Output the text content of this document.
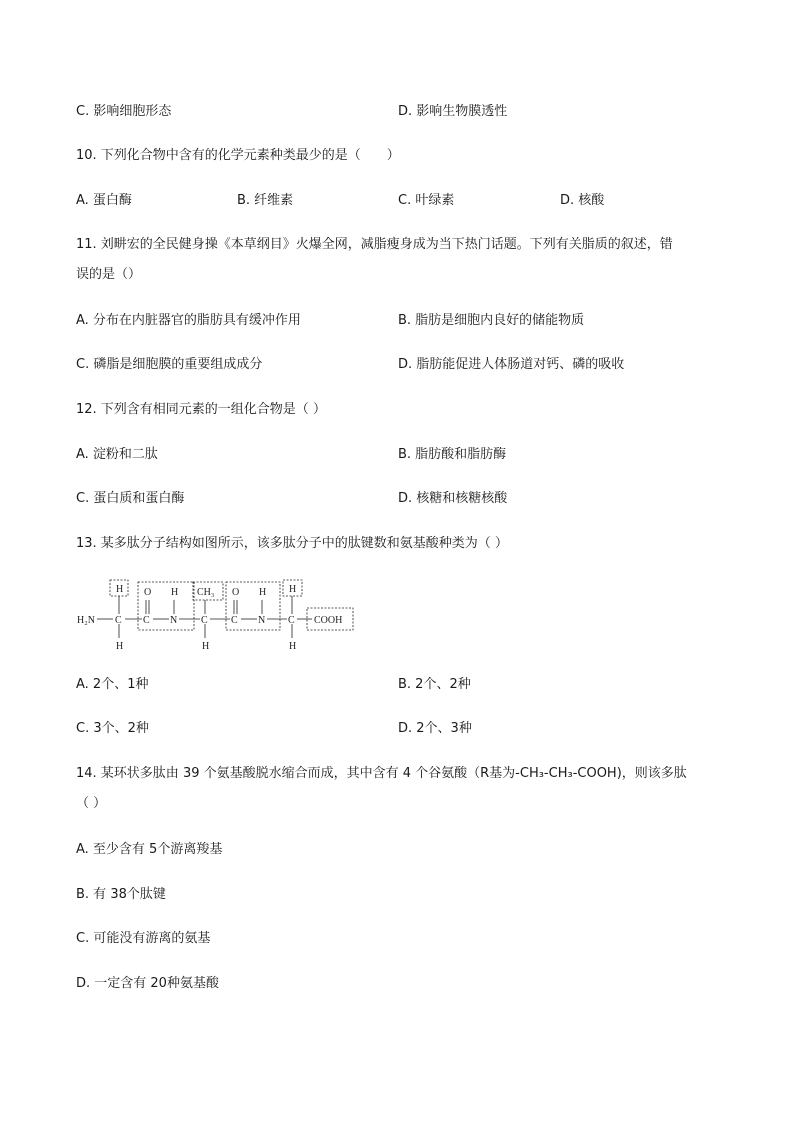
C. 影响细胞形态	D. 影响生物膜透性
10. 下列化合物中含有的化学元素种类最少的是（　　）
A. 蛋白酶	B. 纤维素	C. 叶绿素	D. 核酸
11. 刘畊宏的全民健身操《本草纲目》火爆全网，减脂瘦身成为当下热门话题。下列有关脂质的叙述，错
误的是（）
A. 分布在内脏器官的脂肪具有缓冲作用	B. 脂肪是细胞内良好的储能物质
C. 磷脂是细胞膜的重要组成成分	D. 脂肪能促进人体肠道对钙、磷的吸收
12. 下列含有相同元素的一组化合物是（ ）
A. 淀粉和二肽	B. 脂肪酸和脂肪酶
C. 蛋白质和蛋白酶	D. 核糖和核糖核酸
13. 某多肽分子结构如图所示，该多肽分子中的肽键数和氨基酸种类为（ ）
H O H CH₃ O H H
H₂N C C N C C N C COOH
H	H	H
A. 2个、1种	B. 2个、2种
C. 3个、2种	D. 2个、3种
14. 某环状多肽由 39 个氨基酸脱水缩合而成，其中含有 4 个谷氨酸（R基为-CH₃-CH₃-COOH)，则该多肽
（ ）
A. 至少含有 5个游离羧基
B. 有 38个肽键
C. 可能没有游离的氨基
D. 一定含有 20种氨基酸
